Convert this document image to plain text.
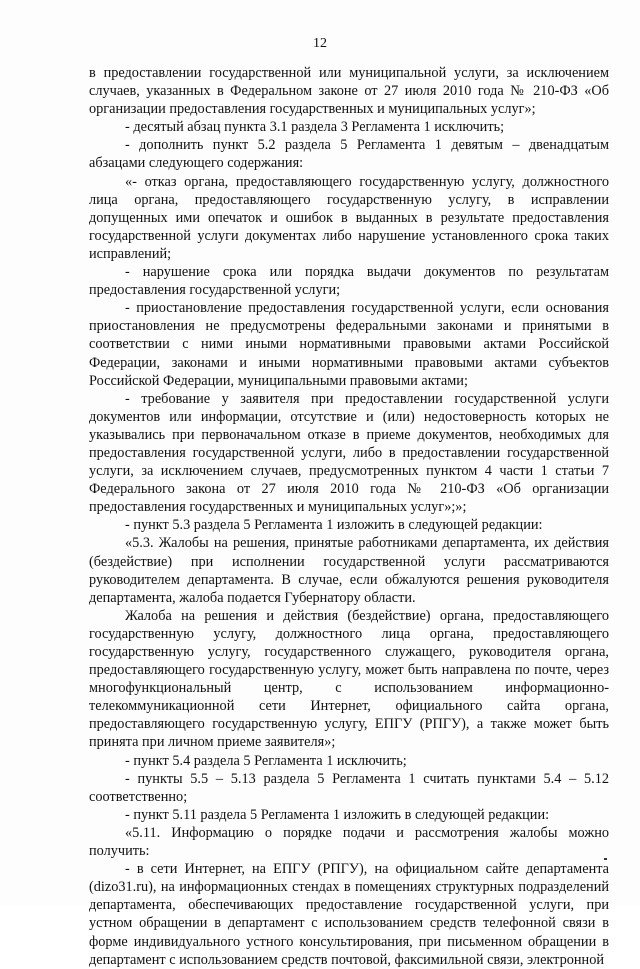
12

в предоставлении государственной или муниципальной услуги, за исключением случаев, указанных в Федеральном законе от 27 июля 2010 года № 210-ФЗ «Об организации предоставления государственных и муниципальных услуг»;

- десятый абзац пункта 3.1 раздела 3 Регламента 1 исключить;

- дополнить пункт 5.2 раздела 5 Регламента 1 девятым – двенадцатым абзацами следующего содержания:

«- отказ органа, предоставляющего государственную услугу, должностного лица органа, предоставляющего государственную услугу, в исправлении допущенных ими опечаток и ошибок в выданных в результате предоставления государственной услуги документах либо нарушение установленного срока таких исправлений;

- нарушение срока или порядка выдачи документов по результатам предоставления государственной услуги;

- приостановление предоставления государственной услуги, если основания приостановления не предусмотрены федеральными законами и принятыми в соответствии с ними иными нормативными правовыми актами Российской Федерации, законами и иными нормативными правовыми актами субъектов Российской Федерации, муниципальными правовыми актами;

- требование у заявителя при предоставлении государственной услуги документов или информации, отсутствие и (или) недостоверность которых не указывались при первоначальном отказе в приеме документов, необходимых для предоставления государственной услуги, либо в предоставлении государственной услуги, за исключением случаев, предусмотренных пунктом 4 части 1 статьи 7 Федерального закона от 27 июля 2010 года № 210-ФЗ «Об организации предоставления государственных и муниципальных услуг»;»;

- пункт 5.3 раздела 5 Регламента 1 изложить в следующей редакции:

«5.3. Жалобы на решения, принятые работниками департамента, их действия (бездействие) при исполнении государственной услуги рассматриваются руководителем департамента. В случае, если обжалуются решения руководителя департамента, жалоба подается Губернатору области.

Жалоба на решения и действия (бездействие) органа, предоставляющего государственную услугу, должностного лица органа, предоставляющего государственную услугу, государственного служащего, руководителя органа, предоставляющего государственную услугу, может быть направлена по почте, через многофункциональный центр, с использованием информационно-телекоммуникационной сети Интернет, официального сайта органа, предоставляющего государственную услугу, ЕПГУ (РПГУ), а также может быть принята при личном приеме заявителя»;

- пункт 5.4 раздела 5 Регламента 1 исключить;

- пункты 5.5 – 5.13 раздела 5 Регламента 1 считать пунктами 5.4 – 5.12 соответственно;

- пункт 5.11 раздела 5 Регламента 1 изложить в следующей редакции:

«5.11. Информацию о порядке подачи и рассмотрения жалобы можно получить:

- в сети Интернет, на ЕПГУ (РПГУ), на официальном сайте департамента (dizo31.ru), на информационных стендах в помещениях структурных подразделений департамента, обеспечивающих предоставление государственной услуги, при устном обращении в департамент с использованием средств телефонной связи в форме индивидуального устного консультирования, при письменном обращении в департамент с использованием средств почтовой, факсимильной связи, электронной
